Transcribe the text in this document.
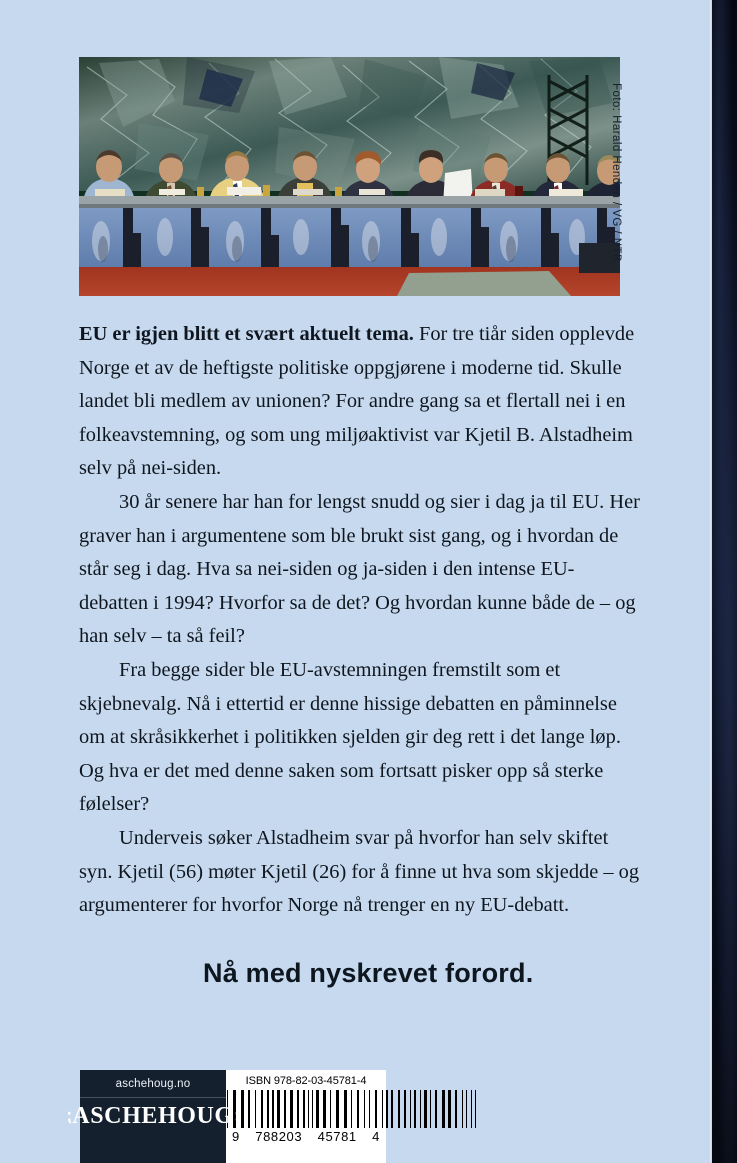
Foto: Harald Henden / VG / NTB

EU er igjen blitt et svært aktuelt tema. For tre tiår siden opplevde Norge et av de heftigste politiske oppgjørene i moderne tid. Skulle landet bli medlem av unionen? For andre gang sa et flertall nei i en folkeavstemning, og som ung miljøaktivist var Kjetil B. Alstadheim selv på nei-siden.

30 år senere har han for lengst snudd og sier i dag ja til EU. Her graver han i argumentene som ble brukt sist gang, og i hvordan de står seg i dag. Hva sa nei-siden og ja-siden i den intense EU-debatten i 1994? Hvorfor sa de det? Og hvordan kunne både de – og han selv – ta så feil?

Fra begge sider ble EU-avstemningen fremstilt som et skjebnevalg. Nå i ettertid er denne hissige debatten en påminnelse om at skråsikkerhet i politikken sjelden gir deg rett i det lange løp. Og hva er det med denne saken som fortsatt pisker opp så sterke følelser?

Underveis søker Alstadheim svar på hvorfor han selv skiftet syn. Kjetil (56) møter Kjetil (26) for å finne ut hva som skjedde – og argumenterer for hvorfor Norge nå trenger en ny EU-debatt.

Nå med nyskrevet forord.
aschehoug.no
⁏ASCHEHOUG⁏
ISBN 978-82-03-45781-4
9 788203 45781 4
